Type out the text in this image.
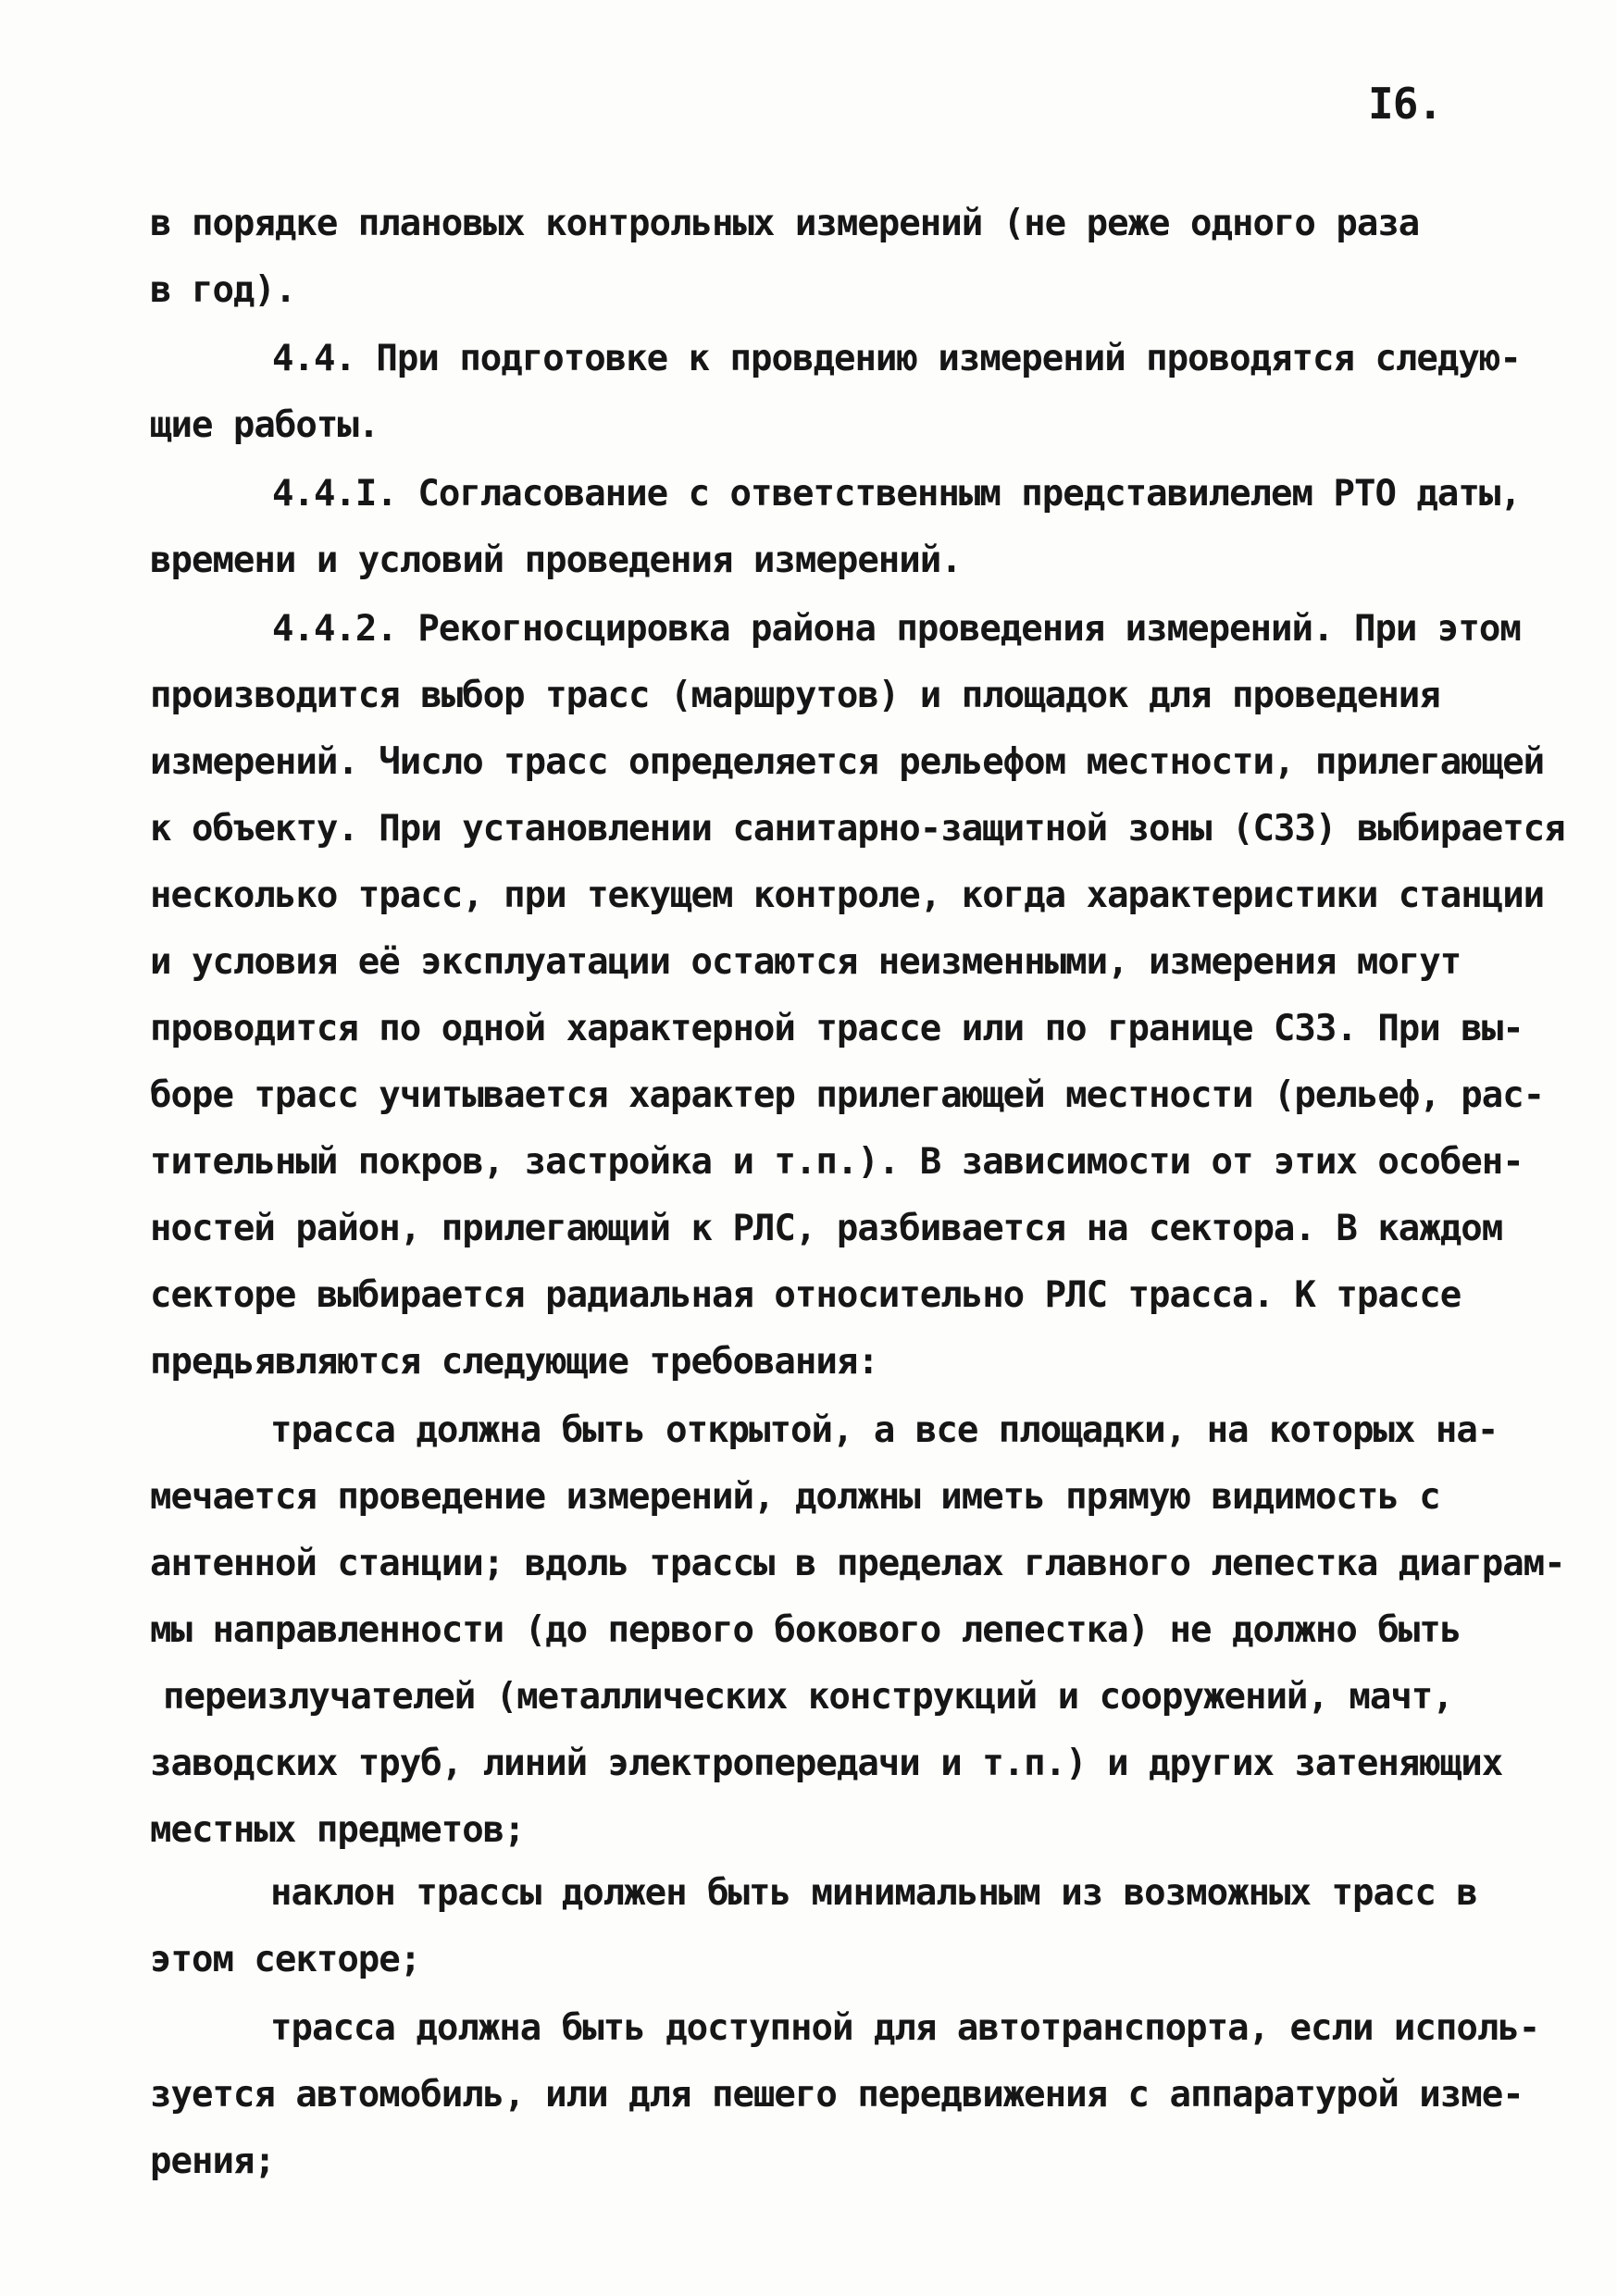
I6.
в порядке плановых контрольных измерений (не реже одного раза
в год).
4.4. При подготовке к провдению измерений проводятся следую-
щие работы.
4.4.I. Согласование с ответственным представилелем РТО даты,
времени и условий проведения измерений.
4.4.2. Рекогносцировка района проведения измерений. При этом
производится выбор трасс (маршрутов) и площадок для проведения
измерений. Число трасс определяется рельефом местности, прилегающей
к объекту. При установлении санитарно-защитной зоны (СЗЗ) выбирается
несколько трасс, при текущем контроле, когда характеристики станции
и условия её эксплуатации остаются неизменными, измерения могут
проводится по одной характерной трассе или по границе СЗЗ. При вы-
боре трасс учитывается характер прилегающей местности (рельеф, рас-
тительный покров, застройка и т.п.). В зависимости от этих особен-
ностей район, прилегающий к РЛС, разбивается на сектора. В каждом
секторе выбирается радиальная относительно РЛС трасса. К трассе
предьявляются следующие требования:
трасса должна быть открытой, а все площадки, на которых на-
мечается проведение измерений, должны иметь прямую видимость с
антенной станции; вдоль трассы в пределах главного лепестка диаграм-
мы направленности (до первого бокового лепестка) не должно быть
переизлучателей (металлических конструкций и сооружений, мачт,
заводских труб, линий электропередачи и т.п.) и других затеняющих
местных предметов;
наклон трассы должен быть минимальным из возможных трасс в
этом секторе;
трасса должна быть доступной для автотранспорта, если исполь-
зуется автомобиль, или для пешего передвижения с аппаратурой изме-
рения;
